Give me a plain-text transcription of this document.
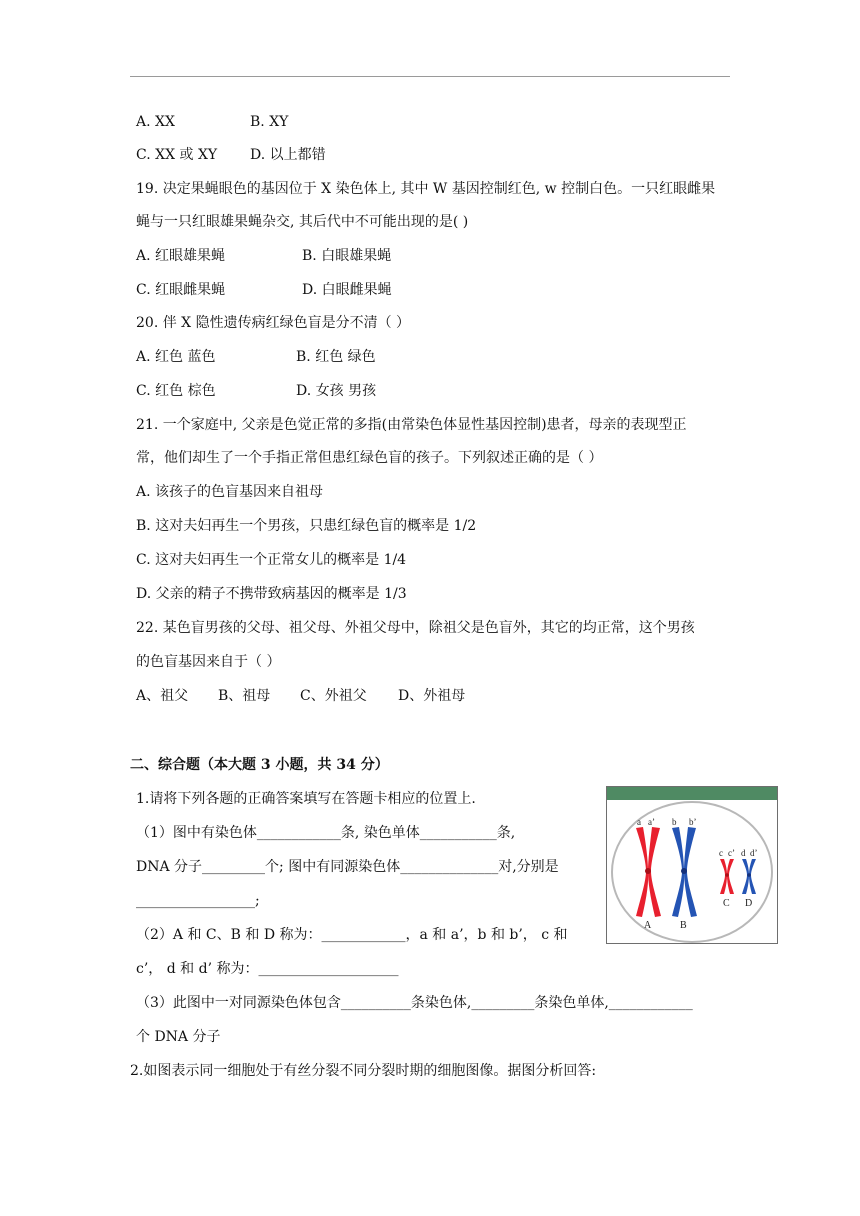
A. XX	B. XY
C. XX 或 XY D. 以上都错
19. 决定果蝇眼色的基因位于 X 染色体上, 其中 W 基因控制红色, w 控制白色。一只红眼雌果
蝇与一只红眼雄果蝇杂交, 其后代中不可能出现的是( )
A. 红眼雄果蝇	B. 白眼雄果蝇
C. 红眼雌果蝇	D. 白眼雌果蝇
20. 伴 X 隐性遗传病红绿色盲是分不清（ ）
A. 红色 蓝色	B. 红色 绿色
C. 红色 棕色	D. 女孩 男孩
21. 一个家庭中, 父亲是色觉正常的多指(由常染色体显性基因控制)患者，母亲的表现型正
常，他们却生了一个手指正常但患红绿色盲的孩子。下列叙述正确的是（ ）
A. 该孩子的色盲基因来自祖母
B. 这对夫妇再生一个男孩，只患红绿色盲的概率是 1/2
C. 这对夫妇再生一个正常女儿的概率是 1/4
D. 父亲的精子不携带致病基因的概率是 1/3
22. 某色盲男孩的父母、祖父母、外祖父母中，除祖父是色盲外，其它的均正常，这个男孩
的色盲基因来自于（ ）
A、祖父 B、祖母 C、外祖父 D、外祖母
二、综合题（本大题 3 小题，共 34 分）
1.请将下列各题的正确答案填写在答题卡相应的位置上.
（1）图中有染色体____________条, 染色单体___________条,
DNA 分子_________个; 图中有同源染色体______________对,分别是
_________________;
（2）A 和 C、B 和 D 称为：____________，a 和 a’，b 和 b’， c 和
c’， d 和 d’ 称为：____________________
（3）此图中一对同源染色体包含__________条染色体,_________条染色单体,____________
个 DNA 分子
2.如图表示同一细胞处于有丝分裂不同分裂时期的细胞图像。据图分析回答:
a a’ b b’
c c’ d d’
A	B
C D
